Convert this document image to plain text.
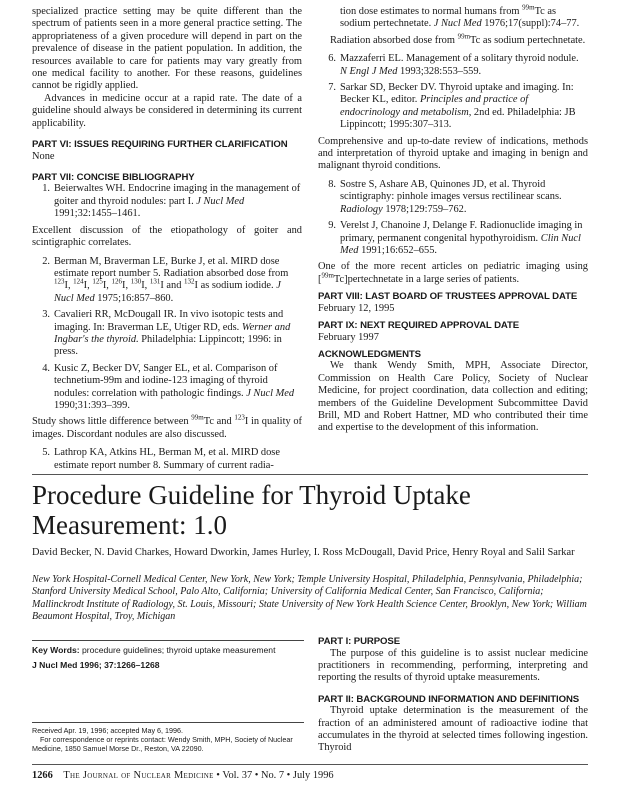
specialized practice setting may be quite different than the spectrum of patients seen in a more general practice setting. The appropriateness of a given procedure will depend in part on the prevalence of disease in the patient population. In addition, the resources available to care for patients may vary greatly from one medical facility to another. For these reasons, guidelines cannot be rigidly applied.

Advances in medicine occur at a rapid rate. The date of a guideline should always be considered in determining its current applicability.

PART VI: ISSUES REQUIRING FURTHER CLARIFICATION

None

PART VII: CONCISE BIBLIOGRAPHY

1. Beierwaltes WH. Endocrine imaging in the management of goiter and thyroid nodules: part I. J Nucl Med 1991;32:1455–1461.

Excellent discussion of the etiopathology of goiter and scintigraphic correlates.

2. Berman M, Braverman LE, Burke J, et al. MIRD dose estimate report number 5. Radiation absorbed dose from $^{123}$I, $^{124}$I, $^{125}$I, $^{126}$I, $^{130}$I, $^{131}$I and $^{132}$I as sodium iodide. J Nucl Med 1975;16:857–860.
3. Cavalieri RR, McDougall IR. In vivo isotopic tests and imaging. In: Braverman LE, Utiger RD, eds. Werner and Ingbar's the thyroid. Philadelphia: Lippincott; 1996: in press.
4. Kusic Z, Becker DV, Sanger EL, et al. Comparison of technetium-99m and iodine-123 imaging of thyroid nodules: correlation with pathologic findings. J Nucl Med 1990;31:393–399.

Study shows little difference between $^{99m}$Tc and $^{123}$I in quality of images. Discordant nodules are also discussed.

5. Lathrop KA, Atkins HL, Berman M, et al. MIRD dose estimate report number 8. Summary of current radia-
tion dose estimates to normal humans from $^{99m}$Tc as sodium pertechnetate. J Nucl Med 1976;17(suppl):74–77.

Radiation absorbed dose from $^{99m}$Tc as sodium pertechnetate.

6. Mazzaferri EL. Management of a solitary thyroid nodule. N Engl J Med 1993;328:553–559.
7. Sarkar SD, Becker DV. Thyroid uptake and imaging. In: Becker KL, editor. Principles and practice of endocrinology and metabolism, 2nd ed. Philadelphia: JB Lippincott; 1995:307–313.

Comprehensive and up-to-date review of indications, methods and interpretation of thyroid uptake and imaging in benign and malignant thyroid conditions.

8. Sostre S, Ashare AB, Quinones JD, et al. Thyroid scintigraphy: pinhole images versus rectilinear scans. Radiology 1978;129:759–762.
9. Verelst J, Chanoine J, Delange F. Radionuclide imaging in primary, permanent congenital hypothyroidism. Clin Nucl Med 1991;16:652–655.

One of the more recent articles on pediatric imaging using [$^{99m}$Tc]pertechnetate in a large series of patients.

PART VIII: LAST BOARD OF TRUSTEES APPROVAL DATE

February 12, 1995

PART IX: NEXT REQUIRED APPROVAL DATE

February 1997

ACKNOWLEDGMENTS

We thank Wendy Smith, MPH, Associate Director, Commission on Health Care Policy, Society of Nuclear Medicine, for project coordination, data collection and editing; members of the Guideline Development Subcommittee David Brill, MD and Robert Hattner, MD who contributed their time and expertise to the development of this information.

Procedure Guideline for Thyroid Uptake Measurement: 1.0

David Becker, N. David Charkes, Howard Dworkin, James Hurley, I. Ross McDougall, David Price, Henry Royal and Salil Sarkar

New York Hospital-Cornell Medical Center, New York, New York; Temple University Hospital, Philadelphia, Pennsylvania, Philadelphia; Stanford University Medical School, Palo Alto, California; University of California Medical Center, San Francisco, California; Mallinckrodt Institute of Radiology, St. Louis, Missouri; State University of New York Health Science Center, Brooklyn, New York; William Beaumont Hospital, Troy, Michigan

Key Words: procedure guidelines; thyroid uptake measurement
J Nucl Med 1996; 37:1266–1268
Received Apr. 19, 1996; accepted May 6, 1996.
For correspondence or reprints contact: Wendy Smith, MPH, Society of Nuclear Medicine, 1850 Samuel Morse Dr., Reston, VA 22090.

PART I: PURPOSE

The purpose of this guideline is to assist nuclear medicine practitioners in recommending, performing, interpreting and reporting the results of thyroid uptake measurements.

PART II: BACKGROUND INFORMATION AND DEFINITIONS

Thyroid uptake determination is the measurement of the fraction of an administered amount of radioactive iodine that accumulates in the thyroid at selected times following ingestion. Thyroid

1266 The Journal of Nuclear Medicine • Vol. 37 • No. 7 • July 1996
